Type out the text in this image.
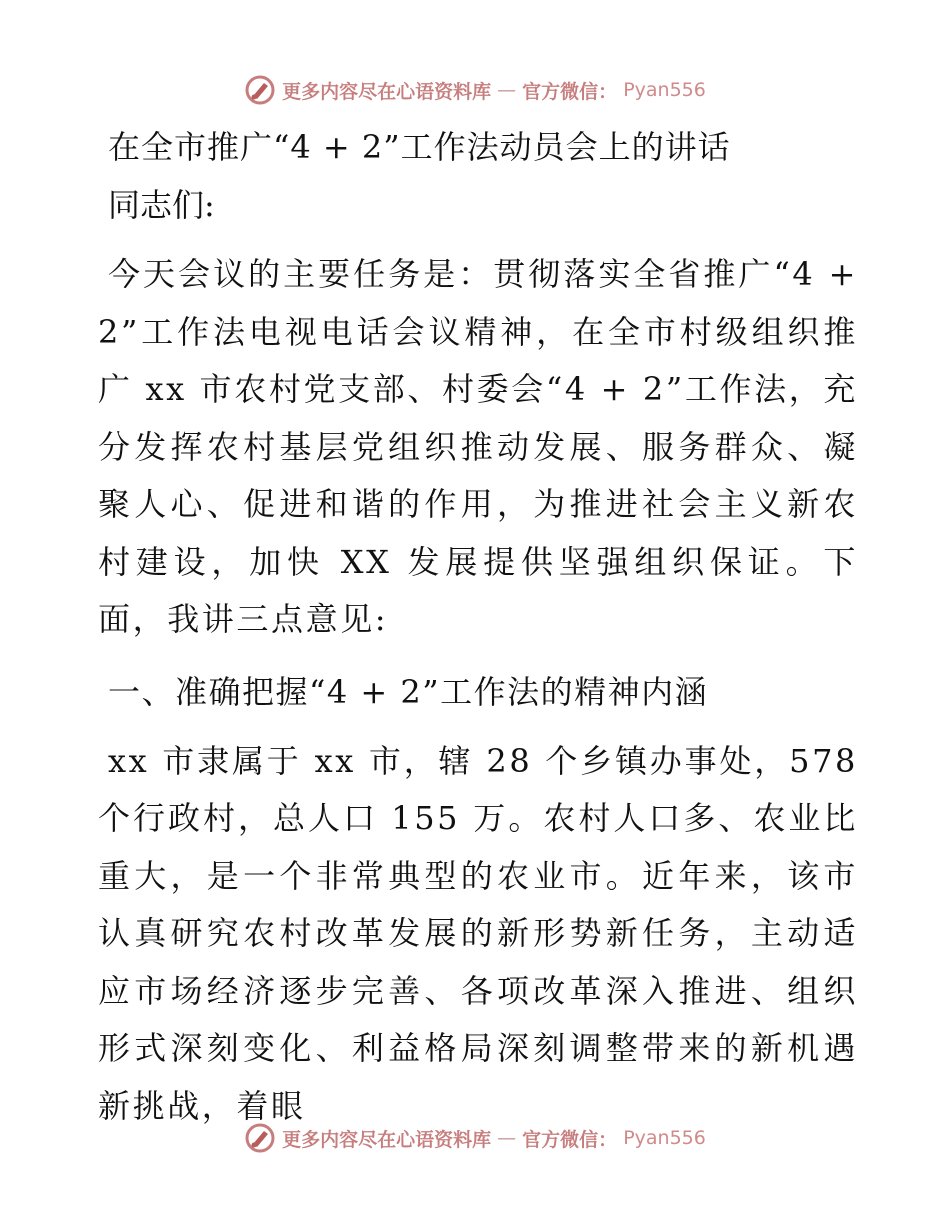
更多内容尽在心语资料库 — 官方微信： Pyan556

在全市推广“4 + 2”工作法动员会上的讲话

同志们:

今天会议的主要任务是：贯彻落实全省推广“4 + 2”工作法电视电话会议精神，在全市村级组织推广 xx 市农村党支部、村委会“4 + 2”工作法，充分发挥农村基层党组织推动发展、服务群众、凝聚人心、促进和谐的作用，为推进社会主义新农村建设，加快 XX 发展提供坚强组织保证。下面，我讲三点意见:

一、准确把握“4 + 2”工作法的精神内涵

xx 市隶属于 xx 市，辖 28 个乡镇办事处，578 个行政村，总人口 155 万。农村人口多、农业比重大，是一个非常典型的农业市。近年来，该市认真研究农村改革发展的新形势新任务，主动适应市场经济逐步完善、各项改革深入推进、组织形式深刻变化、利益格局深刻调整带来的新机遇新挑战，着眼

更多内容尽在心语资料库 — 官方微信： Pyan556
